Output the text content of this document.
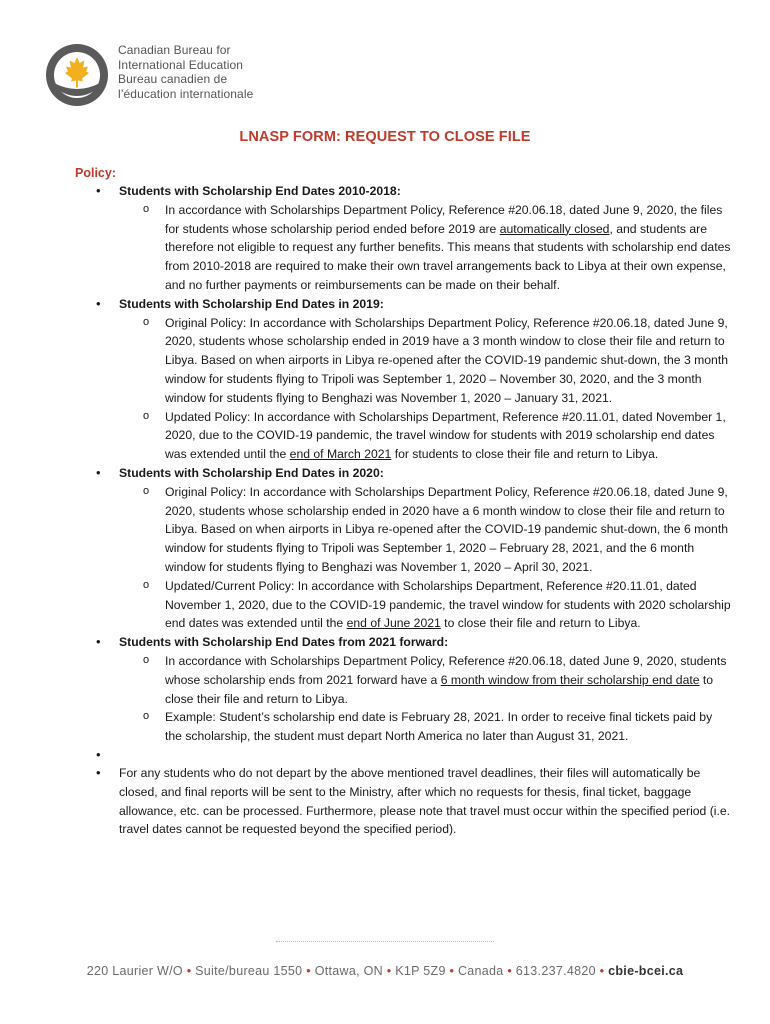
Canadian Bureau for
International Education
Bureau canadien de
l’éducation internationale
LNASP FORM: REQUEST TO CLOSE FILE
Policy:
• Students with Scholarship End Dates 2010-2018:
o In accordance with Scholarships Department Policy, Reference #20.06.18, dated June 9, 2020, the files for students whose scholarship period ended before 2019 are automatically closed, and students are therefore not eligible to request any further benefits. This means that students with scholarship end dates from 2010-2018 are required to make their own travel arrangements back to Libya at their own expense, and no further payments or reimbursements can be made on their behalf.
• Students with Scholarship End Dates in 2019:
o Original Policy: In accordance with Scholarships Department Policy, Reference #20.06.18, dated June 9, 2020, students whose scholarship ended in 2019 have a 3 month window to close their file and return to Libya. Based on when airports in Libya re-opened after the COVID-19 pandemic shut-down, the 3 month window for students flying to Tripoli was September 1, 2020 – November 30, 2020, and the 3 month window for students flying to Benghazi was November 1, 2020 – January 31, 2021.
o Updated Policy: In accordance with Scholarships Department, Reference #20.11.01, dated November 1, 2020, due to the COVID-19 pandemic, the travel window for students with 2019 scholarship end dates was extended until the end of March 2021 for students to close their file and return to Libya.
• Students with Scholarship End Dates in 2020:
o Original Policy: In accordance with Scholarships Department Policy, Reference #20.06.18, dated June 9, 2020, students whose scholarship ended in 2020 have a 6 month window to close their file and return to Libya. Based on when airports in Libya re-opened after the COVID-19 pandemic shut-down, the 6 month window for students flying to Tripoli was September 1, 2020 – February 28, 2021, and the 6 month window for students flying to Benghazi was November 1, 2020 – April 30, 2021.
o Updated/Current Policy: In accordance with Scholarships Department, Reference #20.11.01, dated November 1, 2020, due to the COVID-19 pandemic, the travel window for students with 2020 scholarship end dates was extended until the end of June 2021 to close their file and return to Libya.
• Students with Scholarship End Dates from 2021 forward:
o In accordance with Scholarships Department Policy, Reference #20.06.18, dated June 9, 2020, students whose scholarship ends from 2021 forward have a 6 month window from their scholarship end date to close their file and return to Libya.
o Example: Student’s scholarship end date is February 28, 2021. In order to receive final tickets paid by the scholarship, the student must depart North America no later than August 31, 2021.
•
• For any students who do not depart by the above mentioned travel deadlines, their files will automatically be closed, and final reports will be sent to the Ministry, after which no requests for thesis, final ticket, baggage allowance, etc. can be processed. Furthermore, please note that travel must occur within the specified period (i.e. travel dates cannot be requested beyond the specified period).
220 Laurier W/O • Suite/bureau 1550 • Ottawa, ON • K1P 5Z9 • Canada • 613.237.4820 • cbie-bcei.ca
